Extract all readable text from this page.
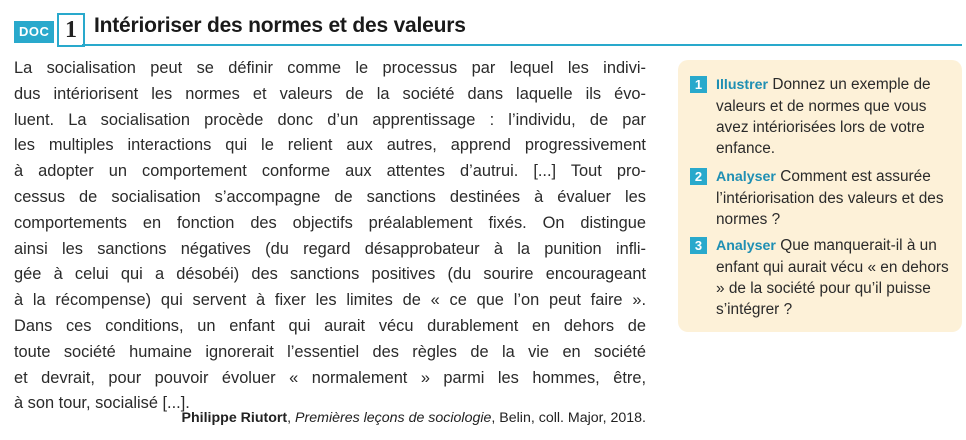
DOC 1 Intérioriser des normes et des valeurs

La socialisation peut se définir comme le processus par lequel les indivi-
dus intériorisent les normes et valeurs de la société dans laquelle ils évo-
luent. La socialisation procède donc d’un apprentissage : l’individu, de par
les multiples interactions qui le relient aux autres, apprend progressivement
à adopter un comportement conforme aux attentes d’autrui. [...] Tout pro-
cessus de socialisation s’accompagne de sanctions destinées à évaluer les
comportements en fonction des objectifs préalablement fixés. On distingue
ainsi les sanctions négatives (du regard désapprobateur à la punition infli-
gée à celui qui a désobéi) des sanctions positives (du sourire encourageant
à la récompense) qui servent à fixer les limites de « ce que l’on peut faire ».
Dans ces conditions, un enfant qui aurait vécu durablement en dehors de
toute société humaine ignorerait l’essentiel des règles de la vie en société
et devrait, pour pouvoir évoluer « normalement » parmi les hommes, être,
à son tour, socialisé [...].

Philippe Riutort, Premières leçons de sociologie, Belin, coll. Major, 2018.
1 Illustrer Donnez un exemple de valeurs et de normes que vous avez intériorisées lors de votre enfance.
2 Analyser Comment est assurée l’intériorisation des valeurs et des normes ?
3 Analyser Que manquerait-il à un enfant qui aurait vécu « en dehors » de la société pour qu’il puisse s’intégrer ?
